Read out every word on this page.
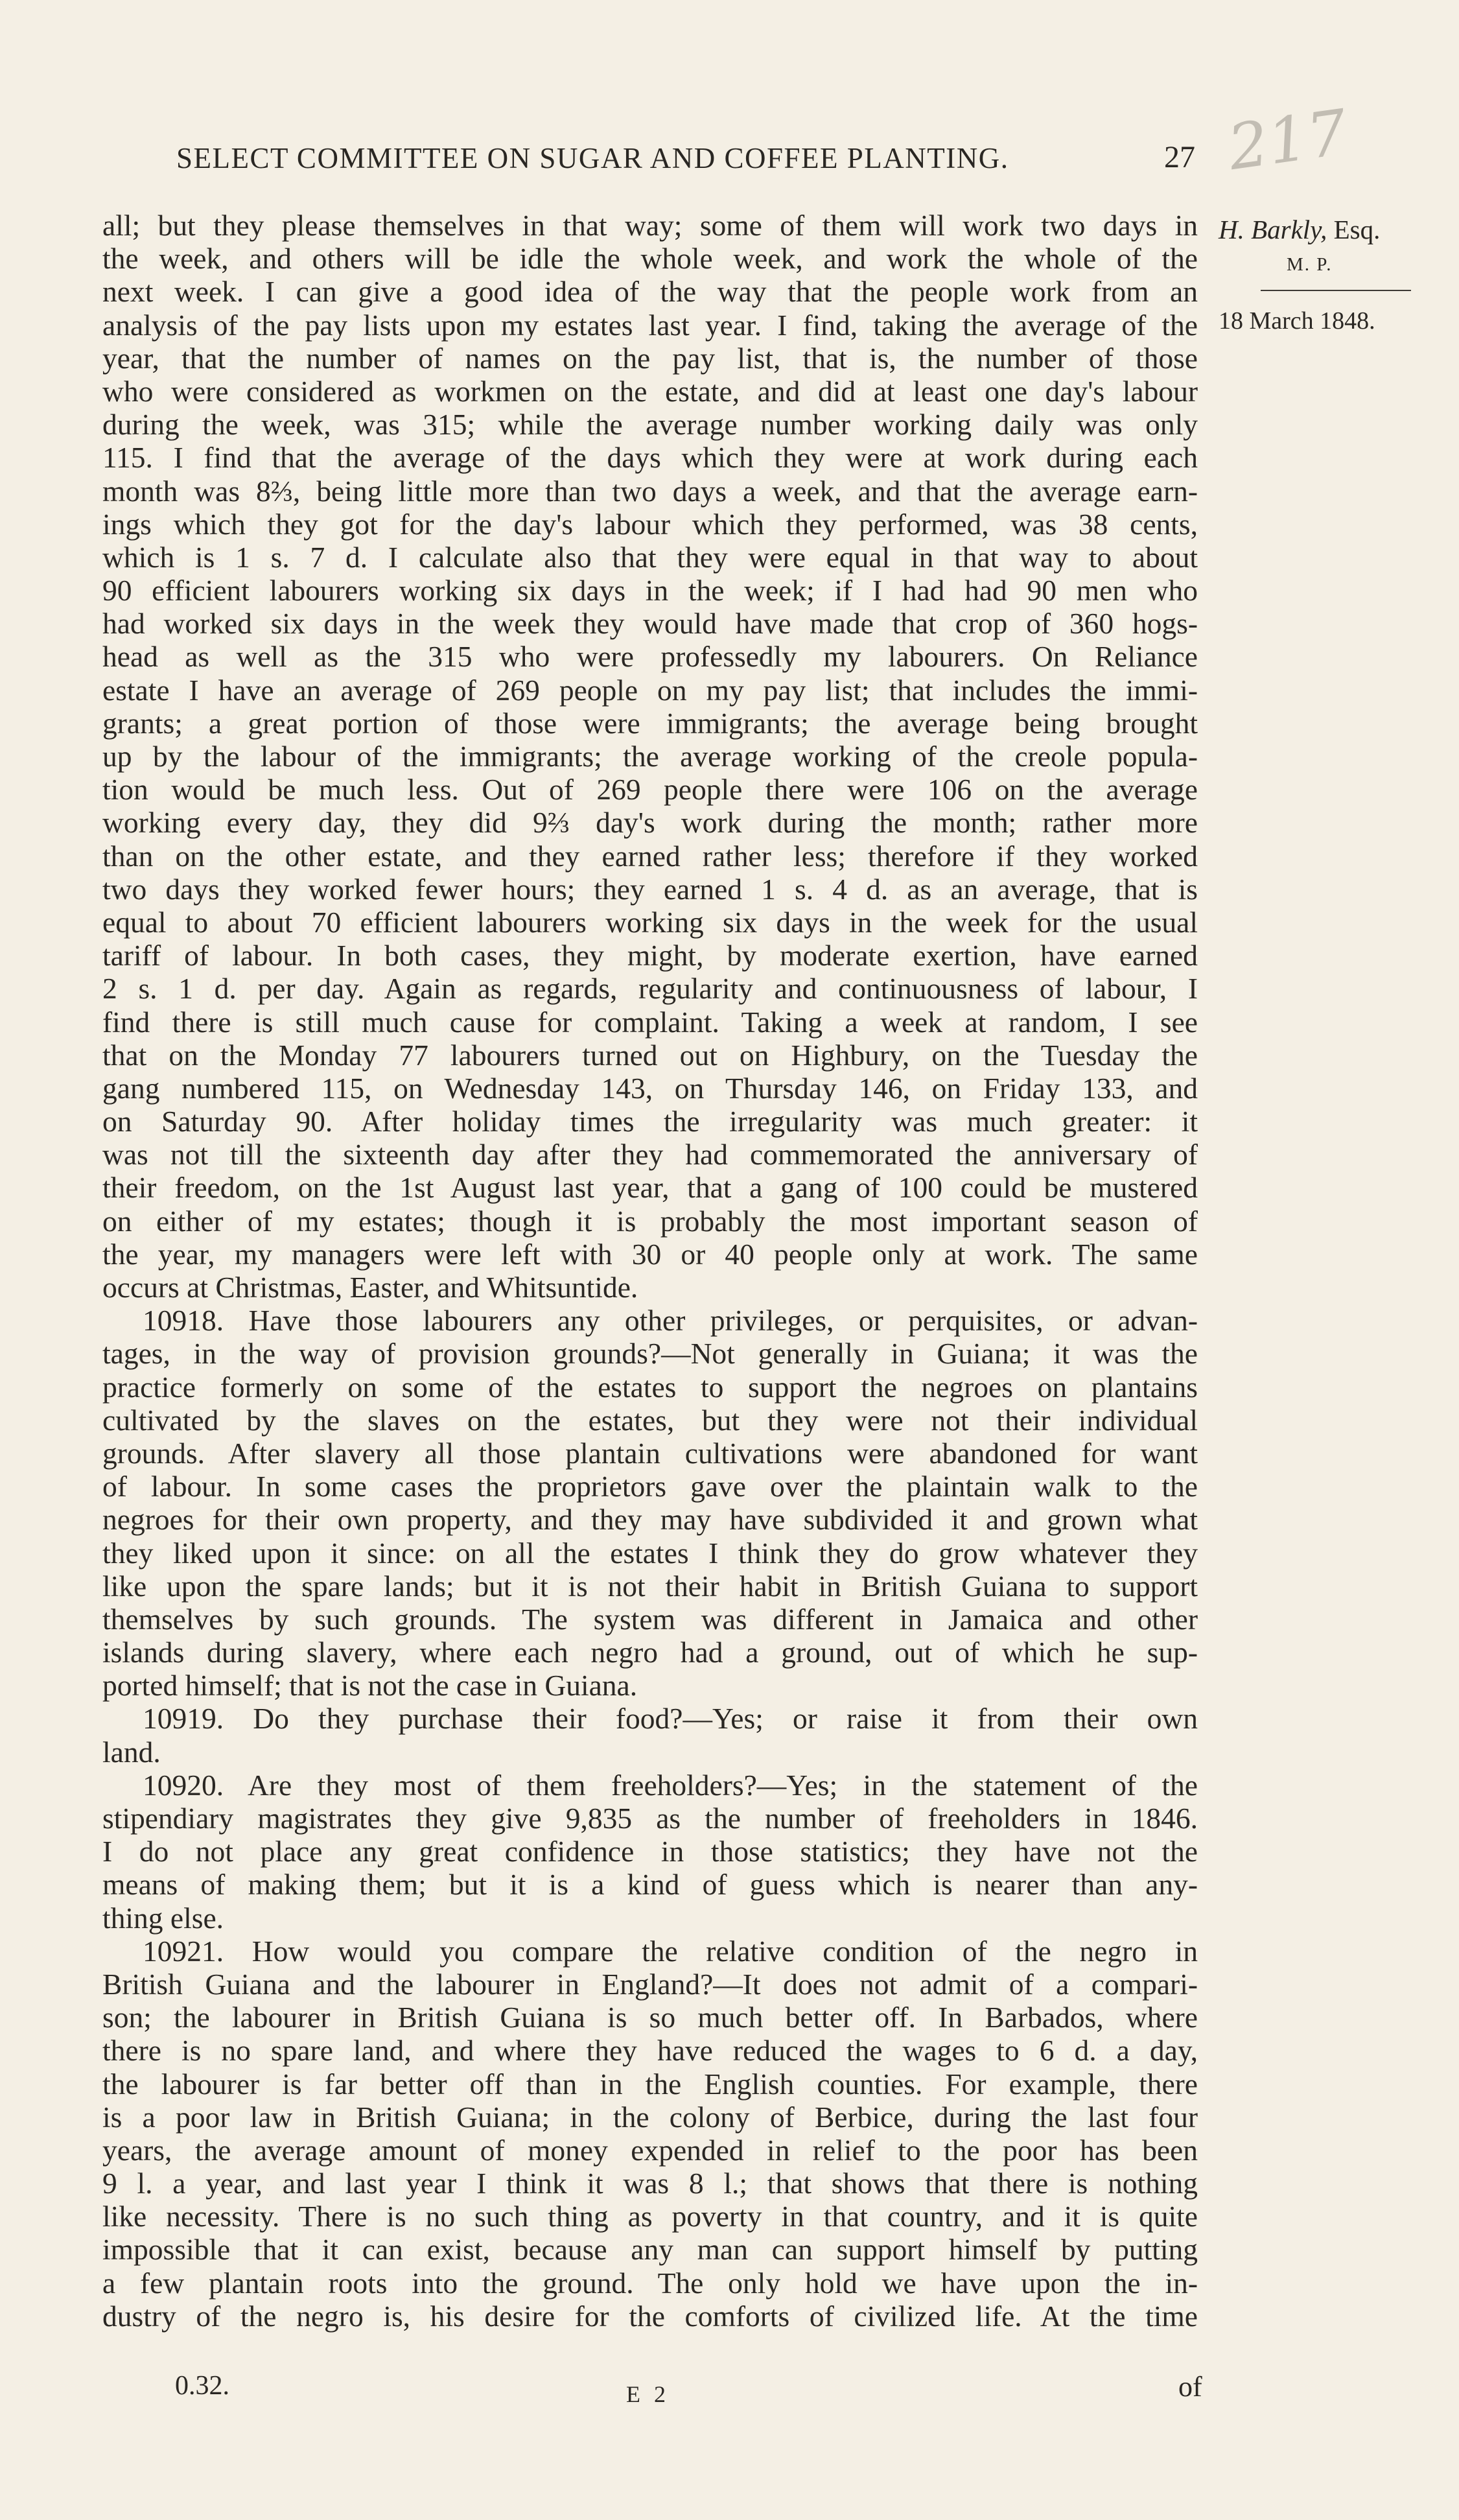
217
SELECT COMMITTEE ON SUGAR AND COFFEE PLANTING.	27
H. Barkly, Esq.
M. P.
18 March 1848.
all; but they please themselves in that way; some of them will work two days in
the week, and others will be idle the whole week, and work the whole of the
next week. I can give a good idea of the way that the people work from an
analysis of the pay lists upon my estates last year. I find, taking the average of the
year, that the number of names on the pay list, that is, the number of those
who were considered as workmen on the estate, and did at least one day's labour
during the week, was 315; while the average number working daily was only
115. I find that the average of the days which they were at work during each
month was 8⅔, being little more than two days a week, and that the average earn-
ings which they got for the day's labour which they performed, was 38 cents,
which is 1 s. 7 d. I calculate also that they were equal in that way to about
90 efficient labourers working six days in the week; if I had had 90 men who
had worked six days in the week they would have made that crop of 360 hogs-
head as well as the 315 who were professedly my labourers. On Reliance
estate I have an average of 269 people on my pay list; that includes the immi-
grants; a great portion of those were immigrants; the average being brought
up by the labour of the immigrants; the average working of the creole popula-
tion would be much less. Out of 269 people there were 106 on the average
working every day, they did 9⅔ day's work during the month; rather more
than on the other estate, and they earned rather less; therefore if they worked
two days they worked fewer hours; they earned 1 s. 4 d. as an average, that is
equal to about 70 efficient labourers working six days in the week for the usual
tariff of labour. In both cases, they might, by moderate exertion, have earned
2 s. 1 d. per day. Again as regards, regularity and continuousness of labour, I
find there is still much cause for complaint. Taking a week at random, I see
that on the Monday 77 labourers turned out on Highbury, on the Tuesday the
gang numbered 115, on Wednesday 143, on Thursday 146, on Friday 133, and
on Saturday 90. After holiday times the irregularity was much greater: it
was not till the sixteenth day after they had commemorated the anniversary of
their freedom, on the 1st August last year, that a gang of 100 could be mustered
on either of my estates; though it is probably the most important season of
the year, my managers were left with 30 or 40 people only at work. The same
occurs at Christmas, Easter, and Whitsuntide.
10918. Have those labourers any other privileges, or perquisites, or advan-
tages, in the way of provision grounds?—Not generally in Guiana; it was the
practice formerly on some of the estates to support the negroes on plantains
cultivated by the slaves on the estates, but they were not their individual
grounds. After slavery all those plantain cultivations were abandoned for want
of labour. In some cases the proprietors gave over the plaintain walk to the
negroes for their own property, and they may have subdivided it and grown what
they liked upon it since: on all the estates I think they do grow whatever they
like upon the spare lands; but it is not their habit in British Guiana to support
themselves by such grounds. The system was different in Jamaica and other
islands during slavery, where each negro had a ground, out of which he sup-
ported himself; that is not the case in Guiana.
10919. Do they purchase their food?—Yes; or raise it from their own
land.
10920. Are they most of them freeholders?—Yes; in the statement of the
stipendiary magistrates they give 9,835 as the number of freeholders in 1846.
I do not place any great confidence in those statistics; they have not the
means of making them; but it is a kind of guess which is nearer than any-
thing else.
10921. How would you compare the relative condition of the negro in
British Guiana and the labourer in England?—It does not admit of a compari-
son; the labourer in British Guiana is so much better off. In Barbados, where
there is no spare land, and where they have reduced the wages to 6 d. a day,
the labourer is far better off than in the English counties. For example, there
is a poor law in British Guiana; in the colony of Berbice, during the last four
years, the average amount of money expended in relief to the poor has been
9 l. a year, and last year I think it was 8 l.; that shows that there is nothing
like necessity. There is no such thing as poverty in that country, and it is quite
impossible that it can exist, because any man can support himself by putting
a few plantain roots into the ground. The only hold we have upon the in-
dustry of the negro is, his desire for the comforts of civilized life. At the time
0.32.	E 2	of
